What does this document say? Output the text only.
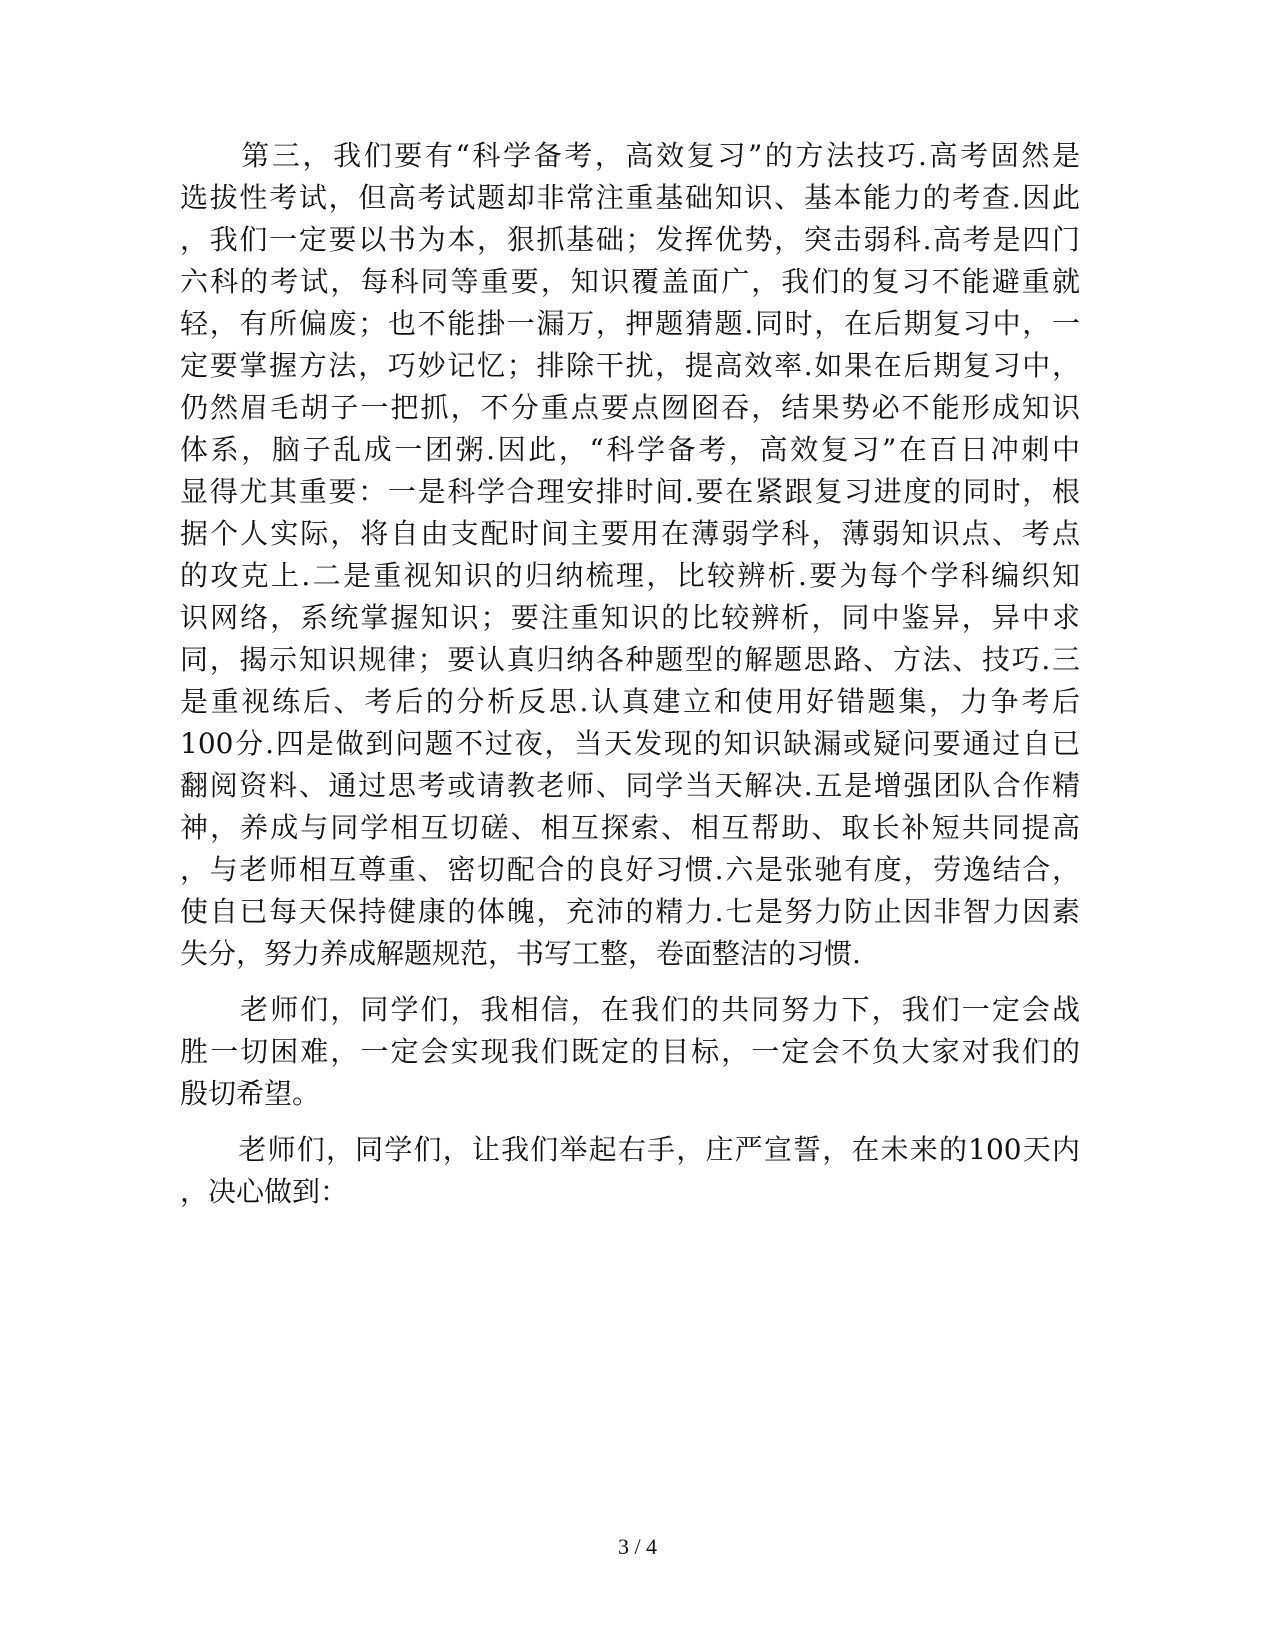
　　第三，我们要有“科学备考，高效复习”的方法技巧.高考固然是
选拔性考试，但高考试题却非常注重基础知识、基本能力的考查.因此
，我们一定要以书为本，狠抓基础；发挥优势，突击弱科.高考是四门
六科的考试，每科同等重要，知识覆盖面广，我们的复习不能避重就
轻，有所偏废；也不能掛一漏万，押题猜题.同时，在后期复习中，一
定要掌握方法，巧妙记忆；排除干扰，提高效率.如果在后期复习中，
仍然眉毛胡子一把抓，不分重点要点囫囵吞，结果势必不能形成知识
体系，脑子乱成一团粥.因此，“科学备考，高效复习”在百日冲刺中
显得尤其重要：一是科学合理安排时间.要在紧跟复习进度的同时，根
据个人实际，将自由支配时间主要用在薄弱学科，薄弱知识点、考点
的攻克上.二是重视知识的归纳梳理，比较辨析.要为每个学科编织知
识网络，系统掌握知识；要注重知识的比较辨析，同中鉴异，异中求
同，揭示知识规律；要认真归纳各种题型的解题思路、方法、技巧.三
是重视练后、考后的分析反思.认真建立和使用好错题集，力争考后
100分.四是做到问题不过夜，当天发现的知识缺漏或疑问要通过自已
翻阅资料、通过思考或请教老师、同学当天解决.五是增强团队合作精
神，养成与同学相互切磋、相互探索、相互帮助、取长补短共同提高
，与老师相互尊重、密切配合的良好习惯.六是张驰有度，劳逸结合，
使自已每天保持健康的体魄，充沛的精力.七是努力防止因非智力因素
失分，努力养成解题规范，书写工整，卷面整洁的习惯.
　　老师们，同学们，我相信，在我们的共同努力下，我们一定会战
胜一切困难，一定会实现我们既定的目标，一定会不负大家对我们的
殷切希望。
　　老师们，同学们，让我们举起右手，庄严宣誓，在未来的100天内
，决心做到：
3 / 4
